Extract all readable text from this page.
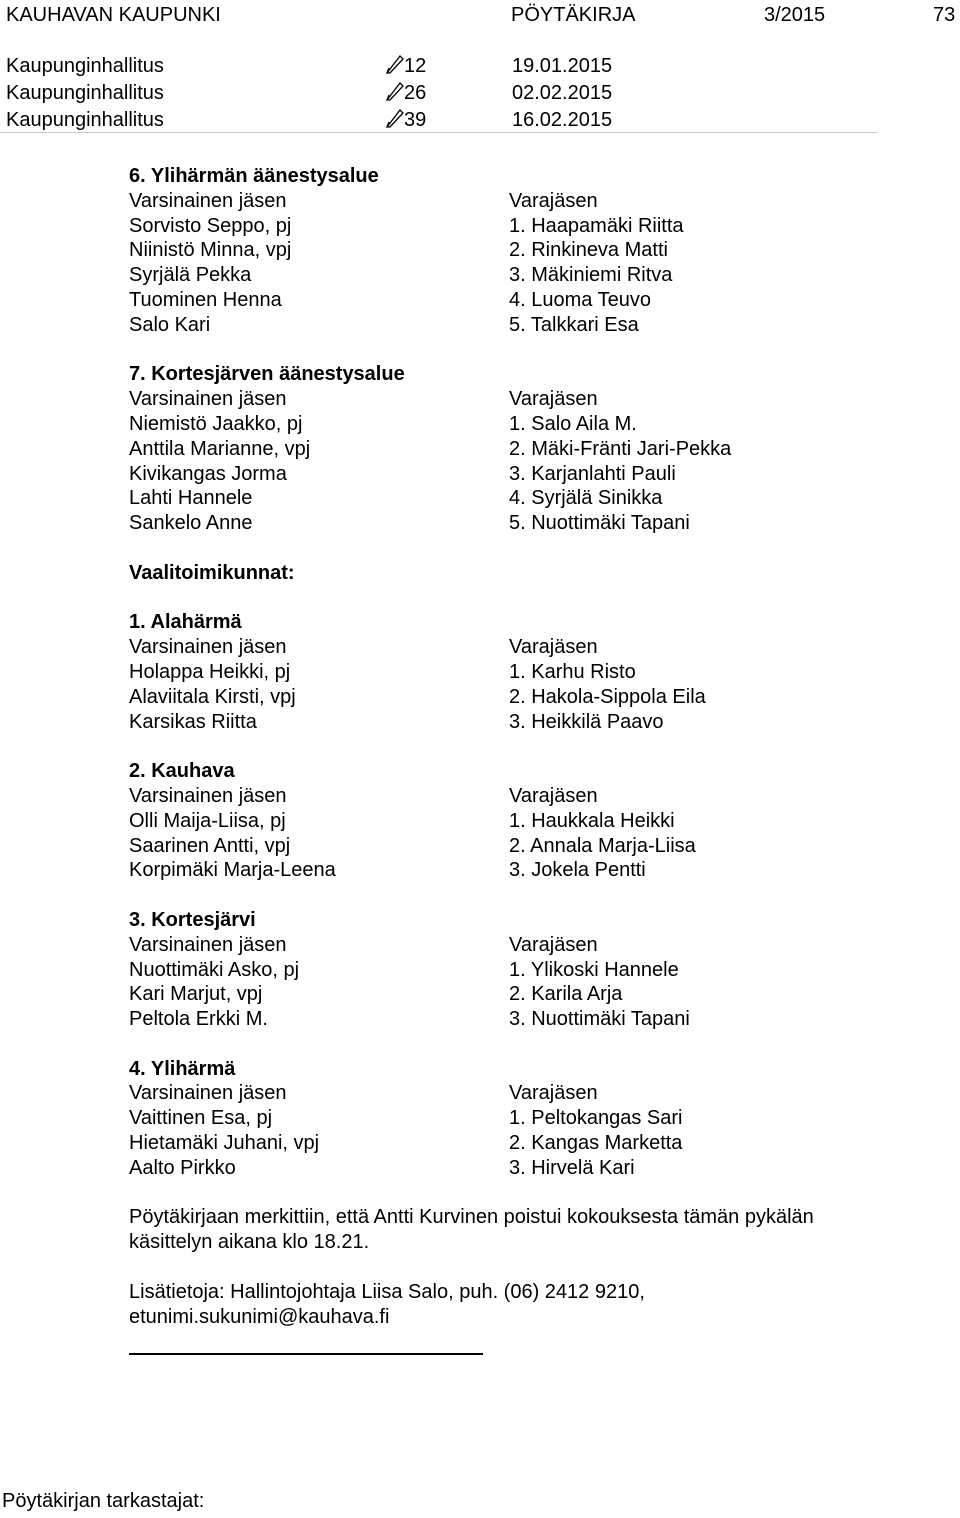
KAUHAVAN KAUPUNKI	PÖYTÄKIRJA	3/2015	73
Kaupunginhallitus	12	19.01.2015
Kaupunginhallitus	26	02.02.2015
Kaupunginhallitus	39	16.02.2015
6. Ylihärmän äänestysalue
Varsinainen jäsen	Varajäsen
Sorvisto Seppo, pj	1. Haapamäki Riitta
Niinistö Minna, vpj	2. Rinkineva Matti
Syrjälä Pekka	3. Mäkiniemi Ritva
Tuominen Henna	4. Luoma Teuvo
Salo Kari	5. Talkkari Esa
7. Kortesjärven äänestysalue
Varsinainen jäsen	Varajäsen
Niemistö Jaakko, pj	1. Salo Aila M.
Anttila Marianne, vpj	2. Mäki-Fränti Jari-Pekka
Kivikangas Jorma	3. Karjanlahti Pauli
Lahti Hannele	4. Syrjälä Sinikka
Sankelo Anne	5. Nuottimäki Tapani
Vaalitoimikunnat:
1. Alahärmä
Varsinainen jäsen	Varajäsen
Holappa Heikki, pj	1. Karhu Risto
Alaviitala Kirsti, vpj	2. Hakola-Sippola Eila
Karsikas Riitta	3. Heikkilä Paavo
2. Kauhava
Varsinainen jäsen	Varajäsen
Olli Maija-Liisa, pj	1. Haukkala Heikki
Saarinen Antti, vpj	2. Annala Marja-Liisa
Korpimäki Marja-Leena	3. Jokela Pentti
3. Kortesjärvi
Varsinainen jäsen	Varajäsen
Nuottimäki Asko, pj	1. Ylikoski Hannele
Kari Marjut, vpj	2. Karila Arja
Peltola Erkki M.	3. Nuottimäki Tapani
4. Ylihärmä
Varsinainen jäsen	Varajäsen
Vaittinen Esa, pj	1. Peltokangas Sari
Hietamäki Juhani, vpj	2. Kangas Marketta
Aalto Pirkko	3. Hirvelä Kari
Pöytäkirjaan merkittiin, että Antti Kurvinen poistui kokouksesta tämän pykälän käsittelyn aikana klo 18.21.
Lisätietoja: Hallintojohtaja Liisa Salo, puh. (06) 2412 9210, etunimi.sukunimi@kauhava.fi
Pöytäkirjan tarkastajat:
